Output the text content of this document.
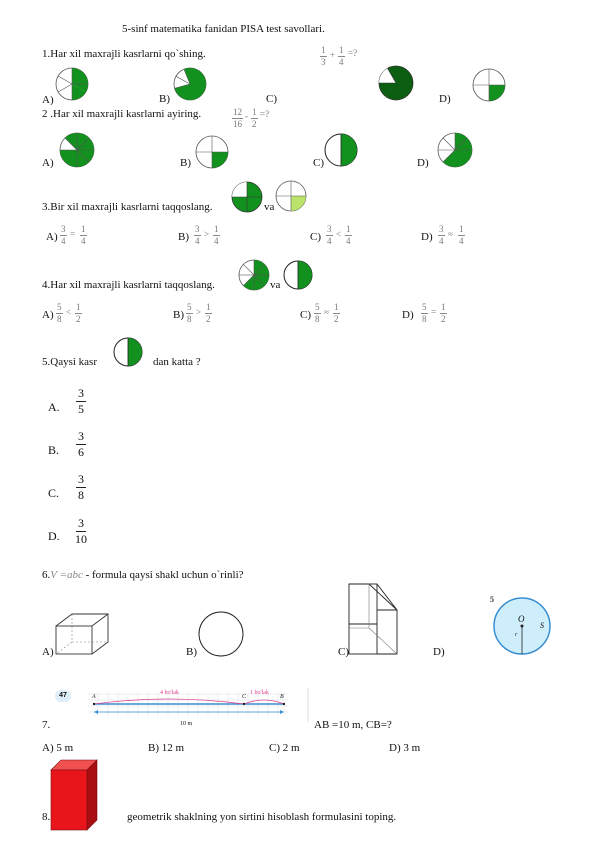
5-sinf matematika fanidan PISA test savollari.
1.Har xil maxrajli kasrlarni qo`shing.	$\frac{1}{3} + \frac{1}{4}$ =?
A)	B)	C)	D)
2 .Har xil maxrajli kasrlarni ayiring.	$\frac{12}{16} - \frac{1}{2}$ =?
A)	B)	C)	D)
3.Bir xil maxrajli kasrlarni taqqoslang.	va
$A) \frac{3}{4} = \frac{1}{4}$	$B) \frac{3}{4} > \frac{1}{4}$	$C) \frac{3}{4} < \frac{1}{4}$	$D) \frac{3}{4} \approx \frac{1}{4}$
4.Har xil maxrajli kasrlarni taqqoslang.	va
$A) \frac{5}{8} < \frac{1}{2}$	$B) \frac{5}{8} > \frac{1}{2}$	$C) \frac{5}{8} \approx \frac{1}{2}$	$D) \frac{5}{8} = \frac{1}{2}$
5.Qaysi kasr	dan katta ?
A.
3
5
B.
3
6
C.
3
8
D.
3
10
6.V =abc - formula qaysi shakl uchun o`rinli?
A)	B)	C)	D)
5
O
S
r
47	A	C	B
4 bo'lak	1 bo'lak
10 m
7.	AB =10 m, CB=?
A) 5 m	B) 12 m	C) 2 m	D) 3 m
8.	geometrik shaklning yon sirtini hisoblash formulasini toping.
